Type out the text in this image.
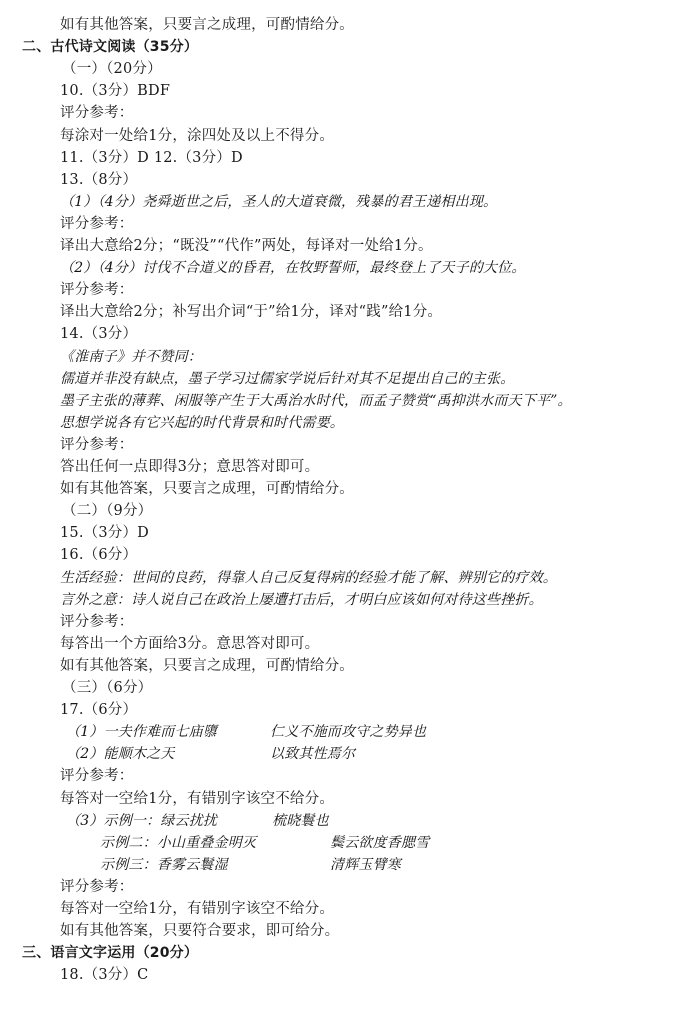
如有其他答案，只要言之成理，可酌情给分。
二、古代诗文阅读（35分）
（一）（20分）
10.（3分）BDF
评分参考：
每涂对一处给1分，涂四处及以上不得分。
11.（3分）D 12.（3分）D
13.（8分）
（1）（4分）尧舜逝世之后，圣人的大道衰微，残暴的君王递相出现。
评分参考：
译出大意给2分；“既没”“代作”两处，每译对一处给1分。
（2）（4分）讨伐不合道义的昏君，在牧野誓师，最终登上了天子的大位。
评分参考：
译出大意给2分；补写出介词“于”给1分，译对“践”给1分。
14.（3分）
《淮南子》并不赞同：
儒道并非没有缺点，墨子学习过儒家学说后针对其不足提出自己的主张。
墨子主张的薄葬、闲服等产生于大禹治水时代，而孟子赞赏“禹抑洪水而天下平”。
思想学说各有它兴起的时代背景和时代需要。
评分参考：
答出任何一点即得3分；意思答对即可。
如有其他答案，只要言之成理，可酌情给分。
（二）（9分）
15.（3分）D
16.（6分）
生活经验：世间的良药，得靠人自己反复得病的经验才能了解、辨别它的疗效。
言外之意：诗人说自己在政治上屡遭打击后，才明白应该如何对待这些挫折。
评分参考：
每答出一个方面给3分。意思答对即可。
如有其他答案，只要言之成理，可酌情给分。
（三）（6分）
17.（6分）
（1）一夫作难而七庙隳	仁义不施而攻守之势异也
（2）能顺木之天	以致其性焉尔
评分参考：
每答对一空给1分，有错别字该空不给分。
（3）示例一：绿云扰扰	梳晓鬟也
示例二：小山重叠金明灭	鬓云欲度香腮雪
示例三：香雾云鬟湿	清辉玉臂寒
评分参考：
每答对一空给1分，有错别字该空不给分。
如有其他答案，只要符合要求，即可给分。
三、语言文字运用（20分）
18.（3分）C
